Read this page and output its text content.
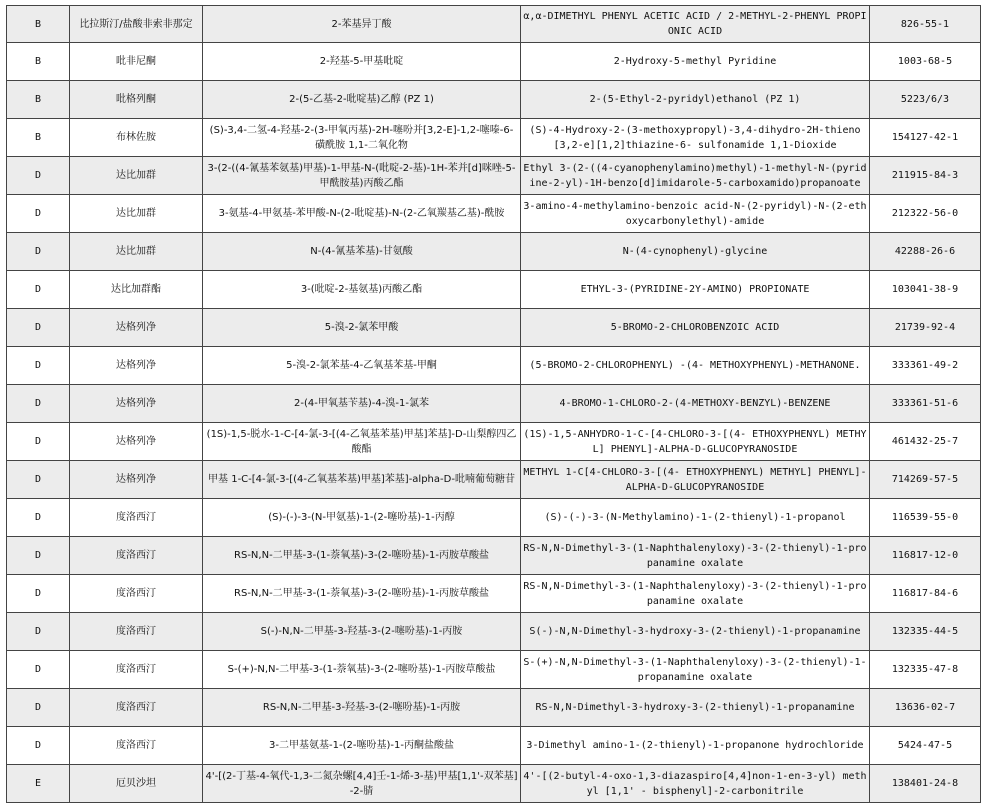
B	比拉斯汀/盐酸非索非那定	2-苯基异丁酸	α,α-DIMETHYL PHENYL ACETIC ACID / 2-METHYL-2-PHENYL PROPIONIC ACID	826-55-1

B	吡非尼酮	2-羟基-5-甲基吡啶	2-Hydroxy-5-methyl Pyridine	1003-68-5

B	吡格列酮	2-(5-乙基-2-吡啶基)乙醇 (PZ 1)	2-(5-Ethyl-2-pyridyl)ethanol (PZ 1)	5223/6/3

B	布林佐胺	(S)-3,4-二氢-4-羟基-2-(3-甲氧丙基)-2H-噻吩并[3,2-E]-1,2-噻嗪-6-磺酰胺 1,1-二氧化物	(S)-4-Hydroxy-2-(3-methoxypropyl)-3,4-dihydro-2H-thieno[3,2-e][1,2]thiazine-6- sulfonamide 1,1-Dioxide	154127-42-1

D	达比加群	3-(2-((4-氰基苯氨基)甲基)-1-甲基-N-(吡啶-2-基)-1H-苯并[d]咪唑-5-甲酰胺基)丙酸乙酯	Ethyl 3-(2-((4-cyanophenylamino)methyl)-1-methyl-N-(pyridine-2-yl)-1H-benzo[d]imidarole-5-carboxamido)propanoate	211915-84-3

D	达比加群	3-氨基-4-甲氨基-苯甲酸-N-(2-吡啶基)-N-(2-乙氧羰基乙基)-酰胺	3-amino-4-methylamino-benzoic acid-N-(2-pyridyl)-N-(2-ethoxycarbonylethyl)-amide	212322-56-0

D	达比加群	N-(4-氰基苯基)-甘氨酸	N-(4-cynophenyl)-glycine	42288-26-6

D	达比加群酯	3-(吡啶-2-基氨基)丙酸乙酯	ETHYL-3-(PYRIDINE-2Y-AMINO) PROPIONATE	103041-38-9

D	达格列净	5-溴-2-氯苯甲酸	5-BROMO-2-CHLOROBENZOIC ACID	21739-92-4

D	达格列净	5-溴-2-氯苯基-4-乙氧基苯基-甲酮	(5-BROMO-2-CHLOROPHENYL) -(4- METHOXYPHENYL)-METHANONE.	333361-49-2

D	达格列净	2-(4-甲氧基苄基)-4-溴-1-氯苯	4-BROMO-1-CHLORO-2-(4-METHOXY-BENZYL)-BENZENE	333361-51-6

D	达格列净	(1S)-1,5-脱水-1-C-[4-氯-3-[(4-乙氧基苯基)甲基]苯基]-D-山梨醇四乙酸酯	(1S)-1,5-ANHYDRO-1-C-[4-CHLORO-3-[(4- ETHOXYPHENYL) METHYL] PHENYL]-ALPHA-D-GLUCOPYRANOSIDE	461432-25-7

D	达格列净	甲基 1-C-[4-氯-3-[(4-乙氧基苯基)甲基]苯基]-alpha-D-吡喃葡萄糖苷	METHYL 1-C[4-CHLORO-3-[(4- ETHOXYPHENYL) METHYL] PHENYL]-ALPHA-D-GLUCOPYRANOSIDE	714269-57-5

D	度洛西汀	(S)-(-)-3-(N-甲氨基)-1-(2-噻吩基)-1-丙醇	(S)-(-)-3-(N-Methylamino)-1-(2-thienyl)-1-propanol	116539-55-0

D	度洛西汀	RS-N,N-二甲基-3-(1-萘氧基)-3-(2-噻吩基)-1-丙胺草酸盐	RS-N,N-Dimethyl-3-(1-Naphthalenyloxy)-3-(2-thienyl)-1-propanamine oxalate	116817-12-0

D	度洛西汀	RS-N,N-二甲基-3-(1-萘氧基)-3-(2-噻吩基)-1-丙胺草酸盐	RS-N,N-Dimethyl-3-(1-Naphthalenyloxy)-3-(2-thienyl)-1-propanamine oxalate	116817-84-6

D	度洛西汀	S(-)-N,N-二甲基-3-羟基-3-(2-噻吩基)-1-丙胺	S(-)-N,N-Dimethyl-3-hydroxy-3-(2-thienyl)-1-propanamine	132335-44-5

D	度洛西汀	S-(+)-N,N-二甲基-3-(1-萘氧基)-3-(2-噻吩基)-1-丙胺草酸盐	S-(+)-N,N-Dimethyl-3-(1-Naphthalenyloxy)-3-(2-thienyl)-1-propanamine oxalate	132335-47-8

D	度洛西汀	RS-N,N-二甲基-3-羟基-3-(2-噻吩基)-1-丙胺	RS-N,N-Dimethyl-3-hydroxy-3-(2-thienyl)-1-propanamine	13636-02-7

D	度洛西汀	3-二甲基氨基-1-(2-噻吩基)-1-丙酮盐酸盐	3-Dimethyl amino-1-(2-thienyl)-1-propanone hydrochloride	5424-47-5

E	厄贝沙坦	4'-[(2-丁基-4-氧代-1,3-二氮杂螺[4,4]壬-1-烯-3-基)甲基[1,1'-双苯基]-2-腈	4'-[(2-butyl-4-oxo-1,3-diazaspiro[4,4]non-1-en-3-yl) methyl [1,1' - bisphenyl]-2-carbonitrile	138401-24-8
